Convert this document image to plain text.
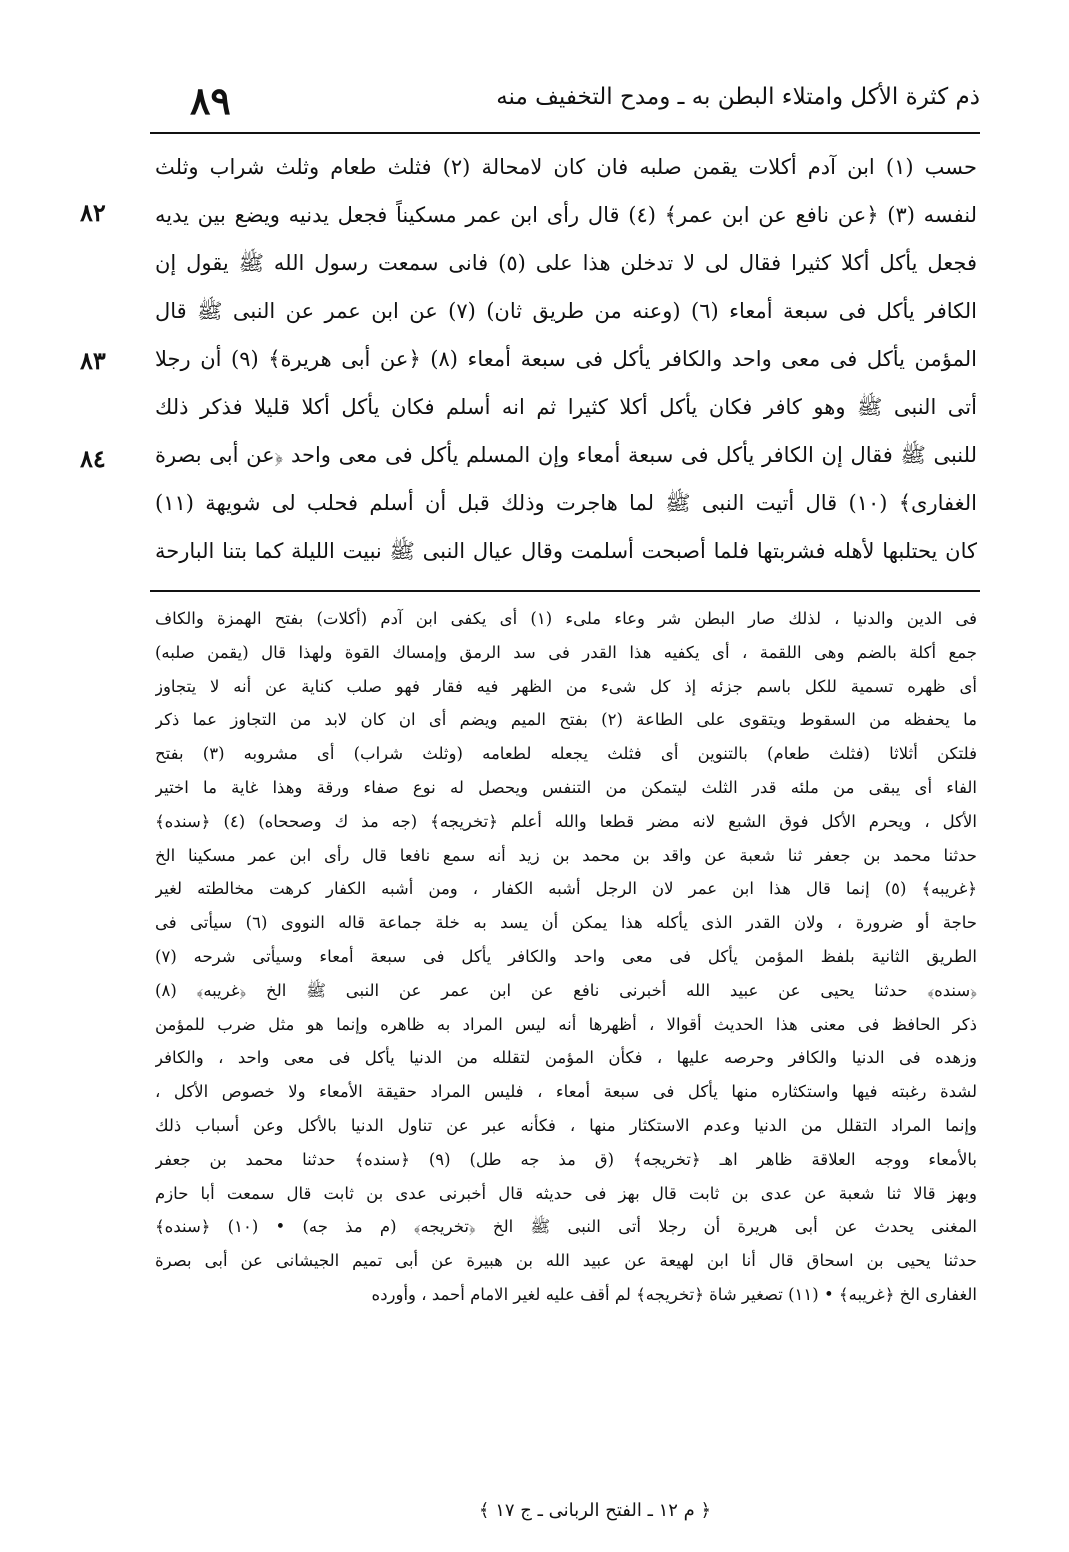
ذم كثرة الأكل وامتلاء البطن به ـ ومدح التخفيف منه
٨٩
٨٢
٨٣
٨٤
حسب (١) ابن آدم أكلات يقمن صلبه فان كان لامحالة (٢) فثلث طعام وثلث شراب وثلث
لنفسه (٣) ﴿عن نافع عن ابن عمر﴾ (٤) قال رأى ابن عمر مسكيناً فجعل يدنيه ويضع بين يديه
فجعل يأكل أكلا كثيرا فقال لى لا تدخلن هذا على (٥) فانى سمعت رسول الله ﷺ يقول إن
الكافر يأكل فى سبعة أمعاء (٦) (وعنه من طريق ثان) (٧) عن ابن عمر عن النبى ﷺ قال
المؤمن يأكل فى معى واحد والكافر يأكل فى سبعة أمعاء (٨) ﴿عن أبى هريرة﴾ (٩) أن رجلا
أتى النبى ﷺ وهو كافر فكان يأكل أكلا كثيرا ثم انه أسلم فكان يأكل أكلا قليلا فذكر ذلك
للنبى ﷺ فقال إن الكافر يأكل فى سبعة أمعاء وإن المسلم يأكل فى معى واحد ﴿عن أبى بصرة
الغفارى﴾ (١٠) قال أتيت النبى ﷺ لما هاجرت وذلك قبل أن أسلم فحلب لى شويهة (١١)
كان يحتلبها لأهله فشربتها فلما أصبحت أسلمت وقال عيال النبى ﷺ نبيت الليلة كما بتنا البارحة
فى الدين والدنيا ، لذلك صار البطن شر وعاء ملىء (١) أى يكفى ابن آدم (أكلات) بفتح الهمزة والكاف
جمع أكلة بالضم وهى اللقمة ، أى يكفيه هذا القدر فى سد الرمق وإمساك القوة ولهذا قال (يقمن صلبه)
أى ظهره تسمية للكل باسم جزئه إذ كل شىء من الظهر فيه فقار فهو صلب كناية عن أنه لا يتجاوز
ما يحفظه من السقوط ويتقوى على الطاعة (٢) بفتح الميم ويضم أى ان كان لابد من التجاوز عما ذكر
فلتكن أثلاثا (فثلث طعام) بالتنوين أى فثلث يجعله لطعامه (وثلث شراب) أى مشروبه (٣) بفتح
الفاء أى يبقى من ملئه قدر الثلث ليتمكن من التنفس ويحصل له نوع صفاء ورقة وهذا غاية ما اختير
الأكل ، ويحرم الأكل فوق الشبع لانه مضر قطعا والله أعلم ﴿تخريجه﴾ (جه مذ ك وصححاه) (٤) ﴿سنده﴾
حدثنا محمد بن جعفر ثنا شعبة عن واقد بن محمد بن زيد أنه سمع نافعا قال رأى ابن عمر مسكينا الخ
﴿غريبه﴾ (٥) إنما قال هذا ابن عمر لان الرجل أشبه الكفار ، ومن أشبه الكفار كرهت مخالطته لغير
حاجة أو ضرورة ، ولان القدر الذى يأكله هذا يمكن أن يسد به خلة جماعة قاله النووى (٦) سيأتى فى
الطريق الثانية بلفظ المؤمن يأكل فى معى واحد والكافر يأكل فى سبعة أمعاء وسيأتى شرحه (٧)
﴿سنده﴾ حدثنا يحيى عن عبيد الله أخبرنى نافع عن ابن عمر عن النبى ﷺ الخ ﴿غريبه﴾ (٨)
ذكر الحافظ فى معنى هذا الحديث أقوالا ، أظهرها أنه ليس المراد به ظاهره وإنما هو مثل ضرب للمؤمن
وزهده فى الدنيا والكافر وحرصه عليها ، فكأن المؤمن لتقلله من الدنيا يأكل فى معى واحد ، والكافر
لشدة رغبته فيها واستكثاره منها يأكل فى سبعة أمعاء ، فليس المراد حقيقة الأمعاء ولا خصوص الأكل ،
وإنما المراد التقلل من الدنيا وعدم الاستكثار منها ، فكأنه عبر عن تناول الدنيا بالأكل وعن أسباب ذلك
بالأمعاء ووجه العلاقة ظاهر اهـ ﴿تخريجه﴾ (ق مذ جه طل) (٩) ﴿سنده﴾ حدثنا محمد بن جعفر
وبهز قالا ثنا شعبة عن عدى بن ثابت قال بهز فى حديثه قال أخبرنى عدى بن ثابت قال سمعت أبا حازم
المغنى يحدث عن أبى هريرة أن رجلا أتى النبى ﷺ الخ ﴿تخريجه﴾ (م مذ جه) • (١٠) ﴿سنده﴾
حدثنا يحيى بن اسحاق قال أنا ابن لهيعة عن عبيد الله بن هبيرة عن أبى تميم الجيشانى عن أبى بصرة
الغفارى الخ ﴿غريبه﴾ • (١١) تصغير شاة ﴿تخريجه﴾ لم أقف عليه لغير الامام أحمد ، وأورده
﴿ م ١٢ ـ الفتح الربانى ـ ج ١٧ ﴾
